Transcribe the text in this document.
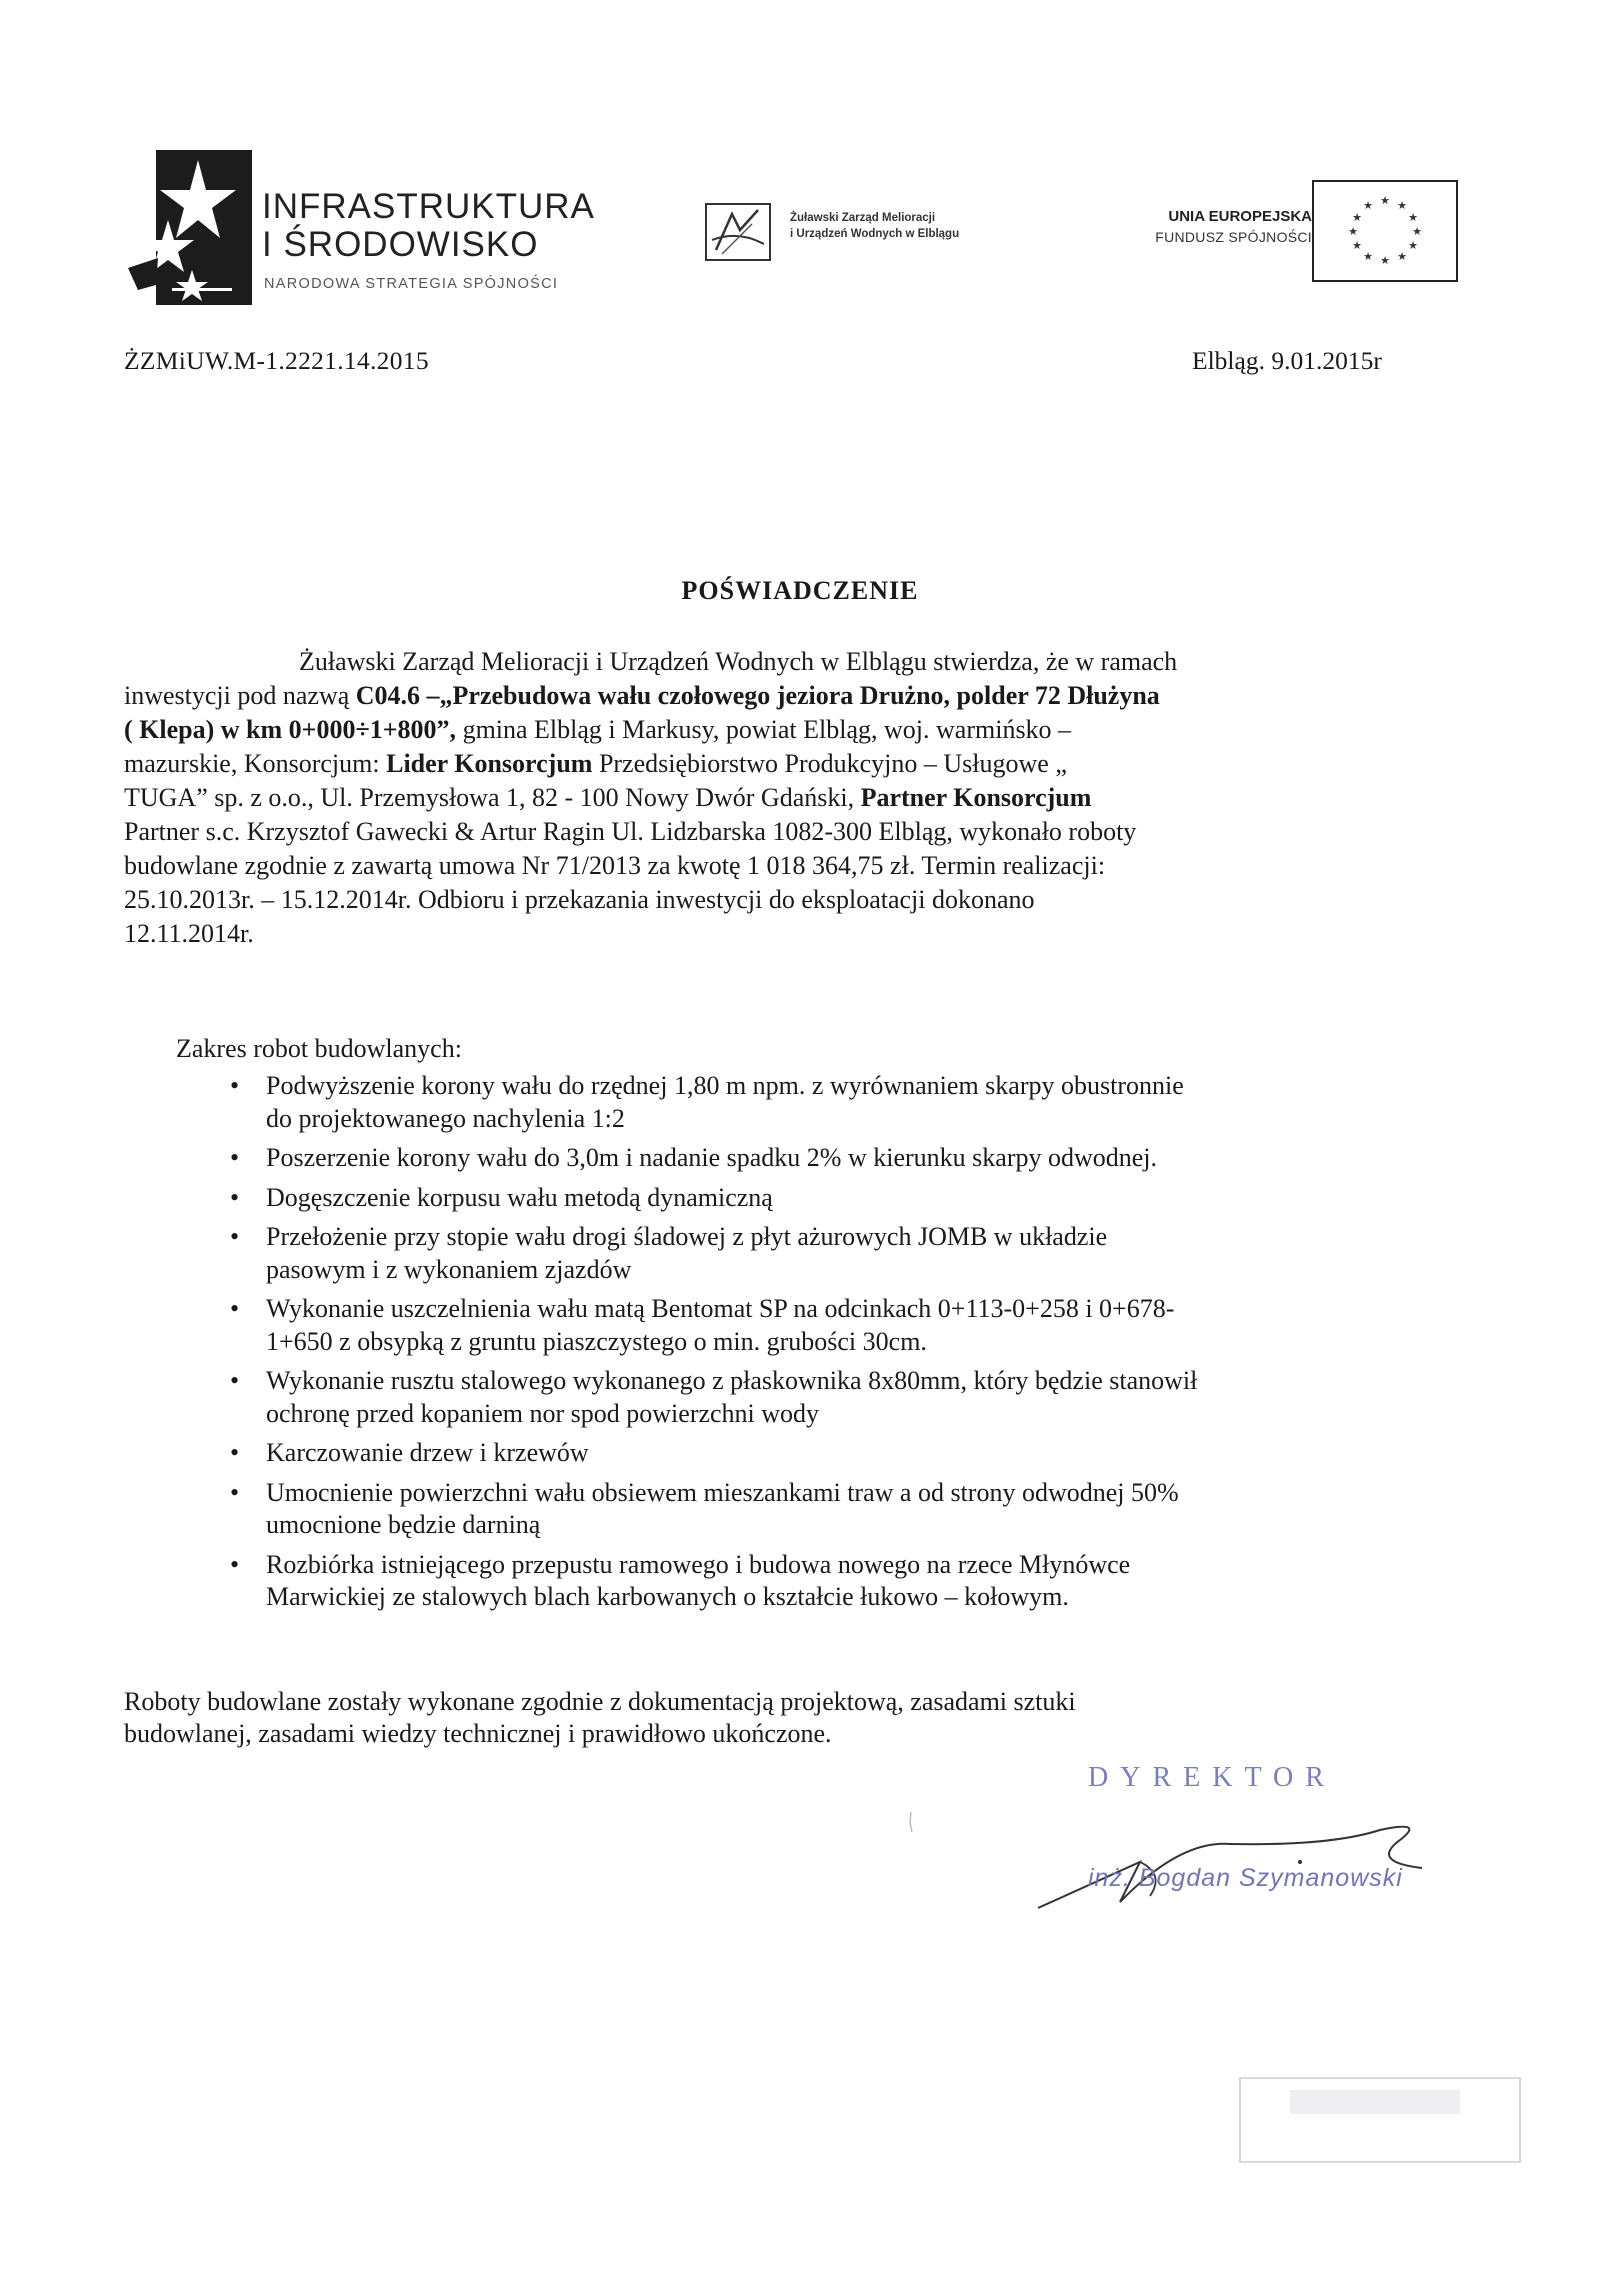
INFRASTRUKTURA
I ŚRODOWISKO
NARODOWA STRATEGIA SPÓJNOŚCI
Żuławski Zarząd Melioracji
i Urządzeń Wodnych w Elblągu
UNIA EUROPEJSKA
FUNDUSZ SPÓJNOŚCI
★ ★
★
★
★
★
★
★
★
★
★
★
ŻZMiUW.M-1.2221.14.2015	Elbląg. 9.01.2015r
POŚWIADCZENIE
Żuławski Zarząd Melioracji i Urządzeń Wodnych w Elblągu stwierdza, że w ramach
inwestycji pod nazwą C04.6 –„Przebudowa wału czołowego jeziora Drużno, polder 72 Dłużyna
( Klepa) w km 0+000÷1+800”, gmina Elbląg i Markusy, powiat Elbląg, woj. warmińsko –
mazurskie, Konsorcjum: Lider Konsorcjum Przedsiębiorstwo Produkcyjno – Usługowe „
TUGA” sp. z o.o., Ul. Przemysłowa 1, 82 - 100 Nowy Dwór Gdański, Partner Konsorcjum
Partner s.c. Krzysztof Gawecki & Artur Ragin Ul. Lidzbarska 1082-300 Elbląg, wykonało roboty
budowlane zgodnie z zawartą umowa Nr 71/2013 za kwotę 1 018 364,75 zł. Termin realizacji:
25.10.2013r. – 15.12.2014r. Odbioru i przekazania inwestycji do eksploatacji dokonano
12.11.2014r.
Zakres robot budowlanych:
• Podwyższenie korony wału do rzędnej 1,80 m npm. z wyrównaniem skarpy obustronnie
do projektowanego nachylenia 1:2
• Poszerzenie korony wału do 3,0m i nadanie spadku 2% w kierunku skarpy odwodnej.
• Dogęszczenie korpusu wału metodą dynamiczną
• Przełożenie przy stopie wału drogi śladowej z płyt ażurowych JOMB w układzie
pasowym i z wykonaniem zjazdów
• Wykonanie uszczelnienia wału matą Bentomat SP na odcinkach 0+113-0+258 i 0+678-
1+650 z obsypką z gruntu piaszczystego o min. grubości 30cm.
• Wykonanie rusztu stalowego wykonanego z płaskownika 8x80mm, który będzie stanowił
ochronę przed kopaniem nor spod powierzchni wody
• Karczowanie drzew i krzewów
• Umocnienie powierzchni wału obsiewem mieszankami traw a od strony odwodnej 50%
umocnione będzie darniną
• Rozbiórka istniejącego przepustu ramowego i budowa nowego na rzece Młynówce
Marwickiej ze stalowych blach karbowanych o kształcie łukowo – kołowym.
Roboty budowlane zostały wykonane zgodnie z dokumentacją projektową, zasadami sztuki
budowlanej, zasadami wiedzy technicznej i prawidłowo ukończone.
DYREKTOR
inż. Bogdan Szymanowski
